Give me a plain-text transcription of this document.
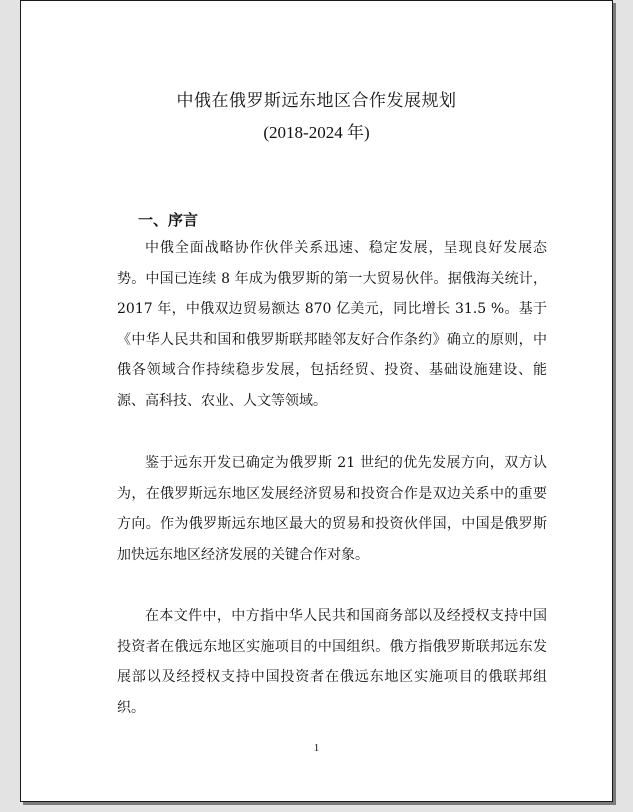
中俄在俄罗斯远东地区合作发展规划
(2018-2024 年)
一、序言

中俄全面战略协作伙伴关系迅速、稳定发展，呈现良好发展态势。中国已连续 8 年成为俄罗斯的第一大贸易伙伴。据俄海关统计，2017 年，中俄双边贸易额达 870 亿美元，同比增长 31.5 %。基于《中华人民共和国和俄罗斯联邦睦邻友好合作条约》确立的原则，中俄各领域合作持续稳步发展，包括经贸、投资、基础设施建设、能源、高科技、农业、人文等领域。

鉴于远东开发已确定为俄罗斯 21 世纪的优先发展方向，双方认为，在俄罗斯远东地区发展经济贸易和投资合作是双边关系中的重要方向。作为俄罗斯远东地区最大的贸易和投资伙伴国，中国是俄罗斯加快远东地区经济发展的关键合作对象。

在本文件中，中方指中华人民共和国商务部以及经授权支持中国投资者在俄远东地区实施项目的中国组织。俄方指俄罗斯联邦远东发展部以及经授权支持中国投资者在俄远东地区实施项目的俄联邦组织。

1
